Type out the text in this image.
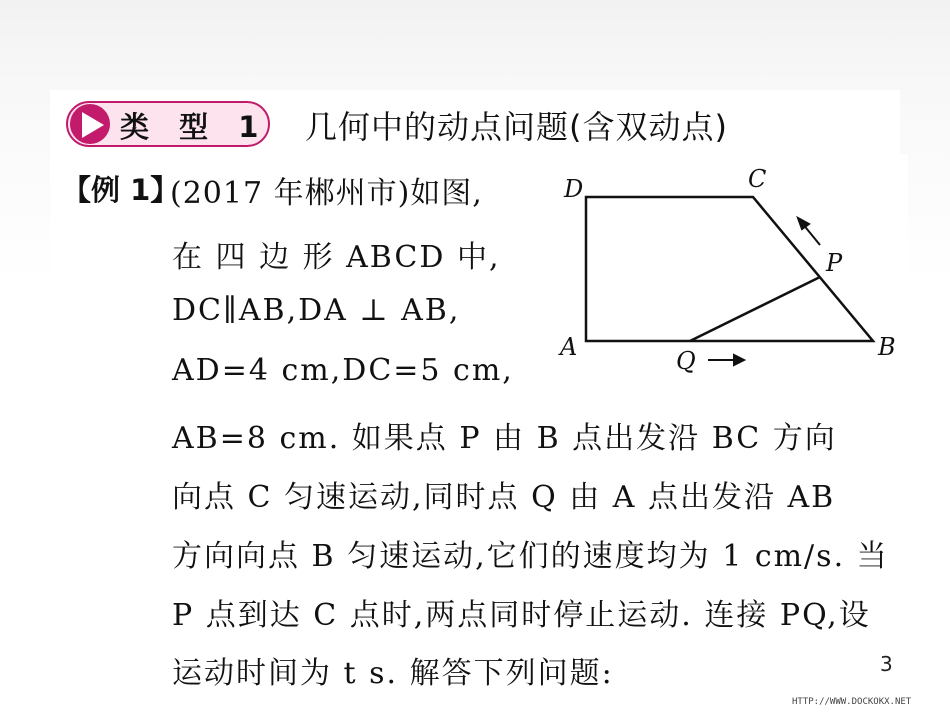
类 型 1 几何中的动点问题(含双动点)
【例 1】
(2017 年郴州市)如图,
在 四 边 形 ABCD 中,
DC∥AB,DA ⊥ AB,
AD=4 cm,DC=5 cm,
AB=8 cm. 如果点 P 由 B 点出发沿 BC 方向
向点 C 匀速运动,同时点 Q 由 A 点出发沿 AB
方向向点 B 匀速运动,它们的速度均为 1 cm/s. 当
P 点到达 C 点时,两点同时停止运动. 连接 PQ,设
运动时间为 t s. 解答下列问题:
D	C
A	B
P
Q
3
HTTP://WWW.DOCKOKX.NET
